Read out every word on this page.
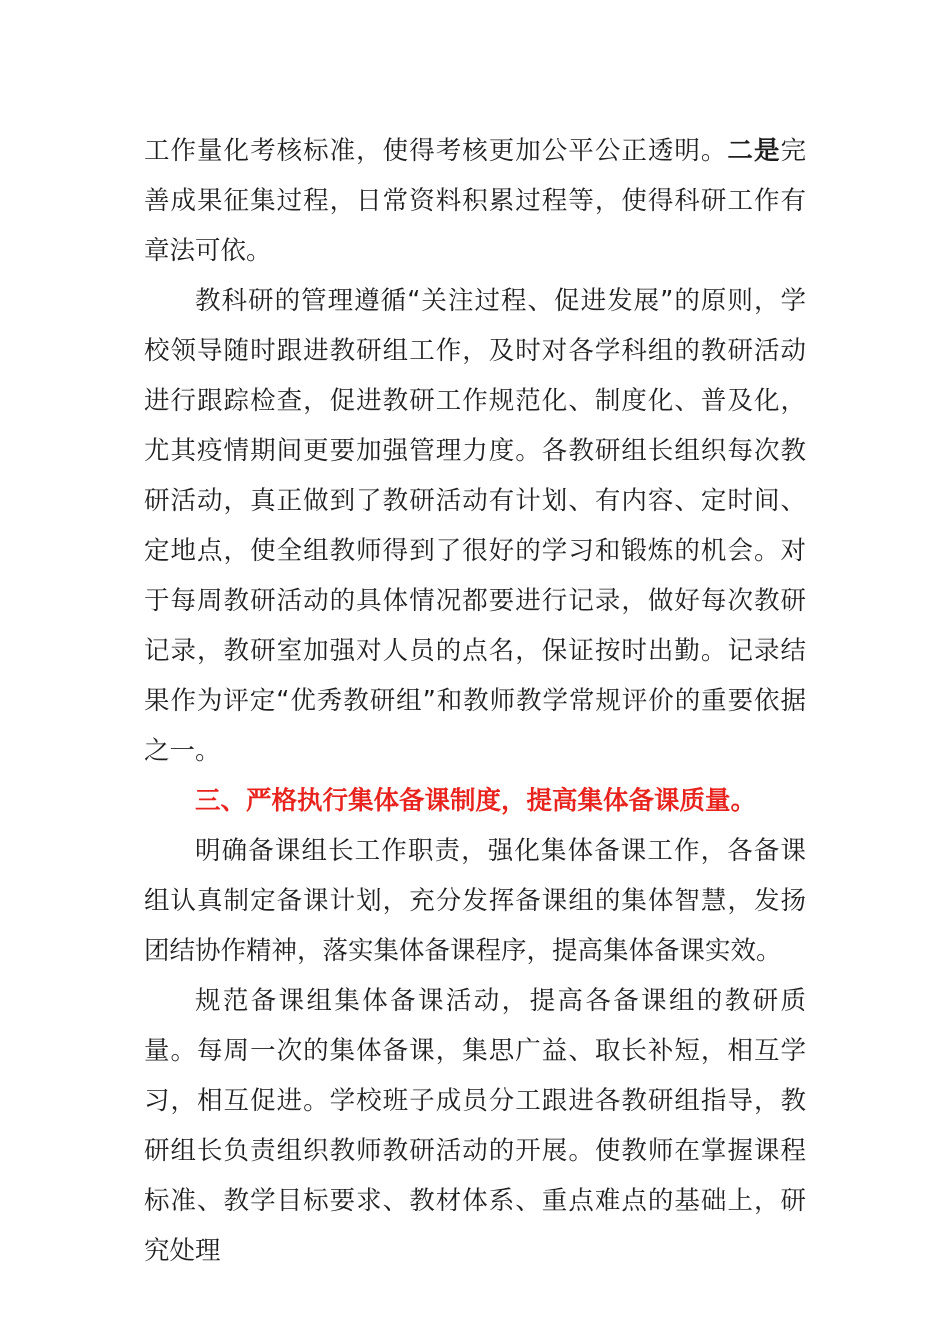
工作量化考核标准，使得考核更加公平公正透明。二是完善成果征集过程，日常资料积累过程等，使得科研工作有章法可依。

教科研的管理遵循“关注过程、促进发展”的原则，学校领导随时跟进教研组工作，及时对各学科组的教研活动进行跟踪检查，促进教研工作规范化、制度化、普及化，尤其疫情期间更要加强管理力度。各教研组长组织每次教研活动，真正做到了教研活动有计划、有内容、定时间、定地点，使全组教师得到了很好的学习和锻炼的机会。对于每周教研活动的具体情况都要进行记录，做好每次教研记录，教研室加强对人员的点名，保证按时出勤。记录结果作为评定“优秀教研组”和教师教学常规评价的重要依据之一。

三、严格执行集体备课制度，提高集体备课质量。

明确备课组长工作职责，强化集体备课工作，各备课组认真制定备课计划，充分发挥备课组的集体智慧，发扬团结协作精神，落实集体备课程序，提高集体备课实效。

规范备课组集体备课活动，提高各备课组的教研质量。每周一次的集体备课，集思广益、取长补短，相互学习，相互促进。学校班子成员分工跟进各教研组指导，教研组长负责组织教师教研活动的开展。使教师在掌握课程标准、教学目标要求、教材体系、重点难点的基础上，研究处理
